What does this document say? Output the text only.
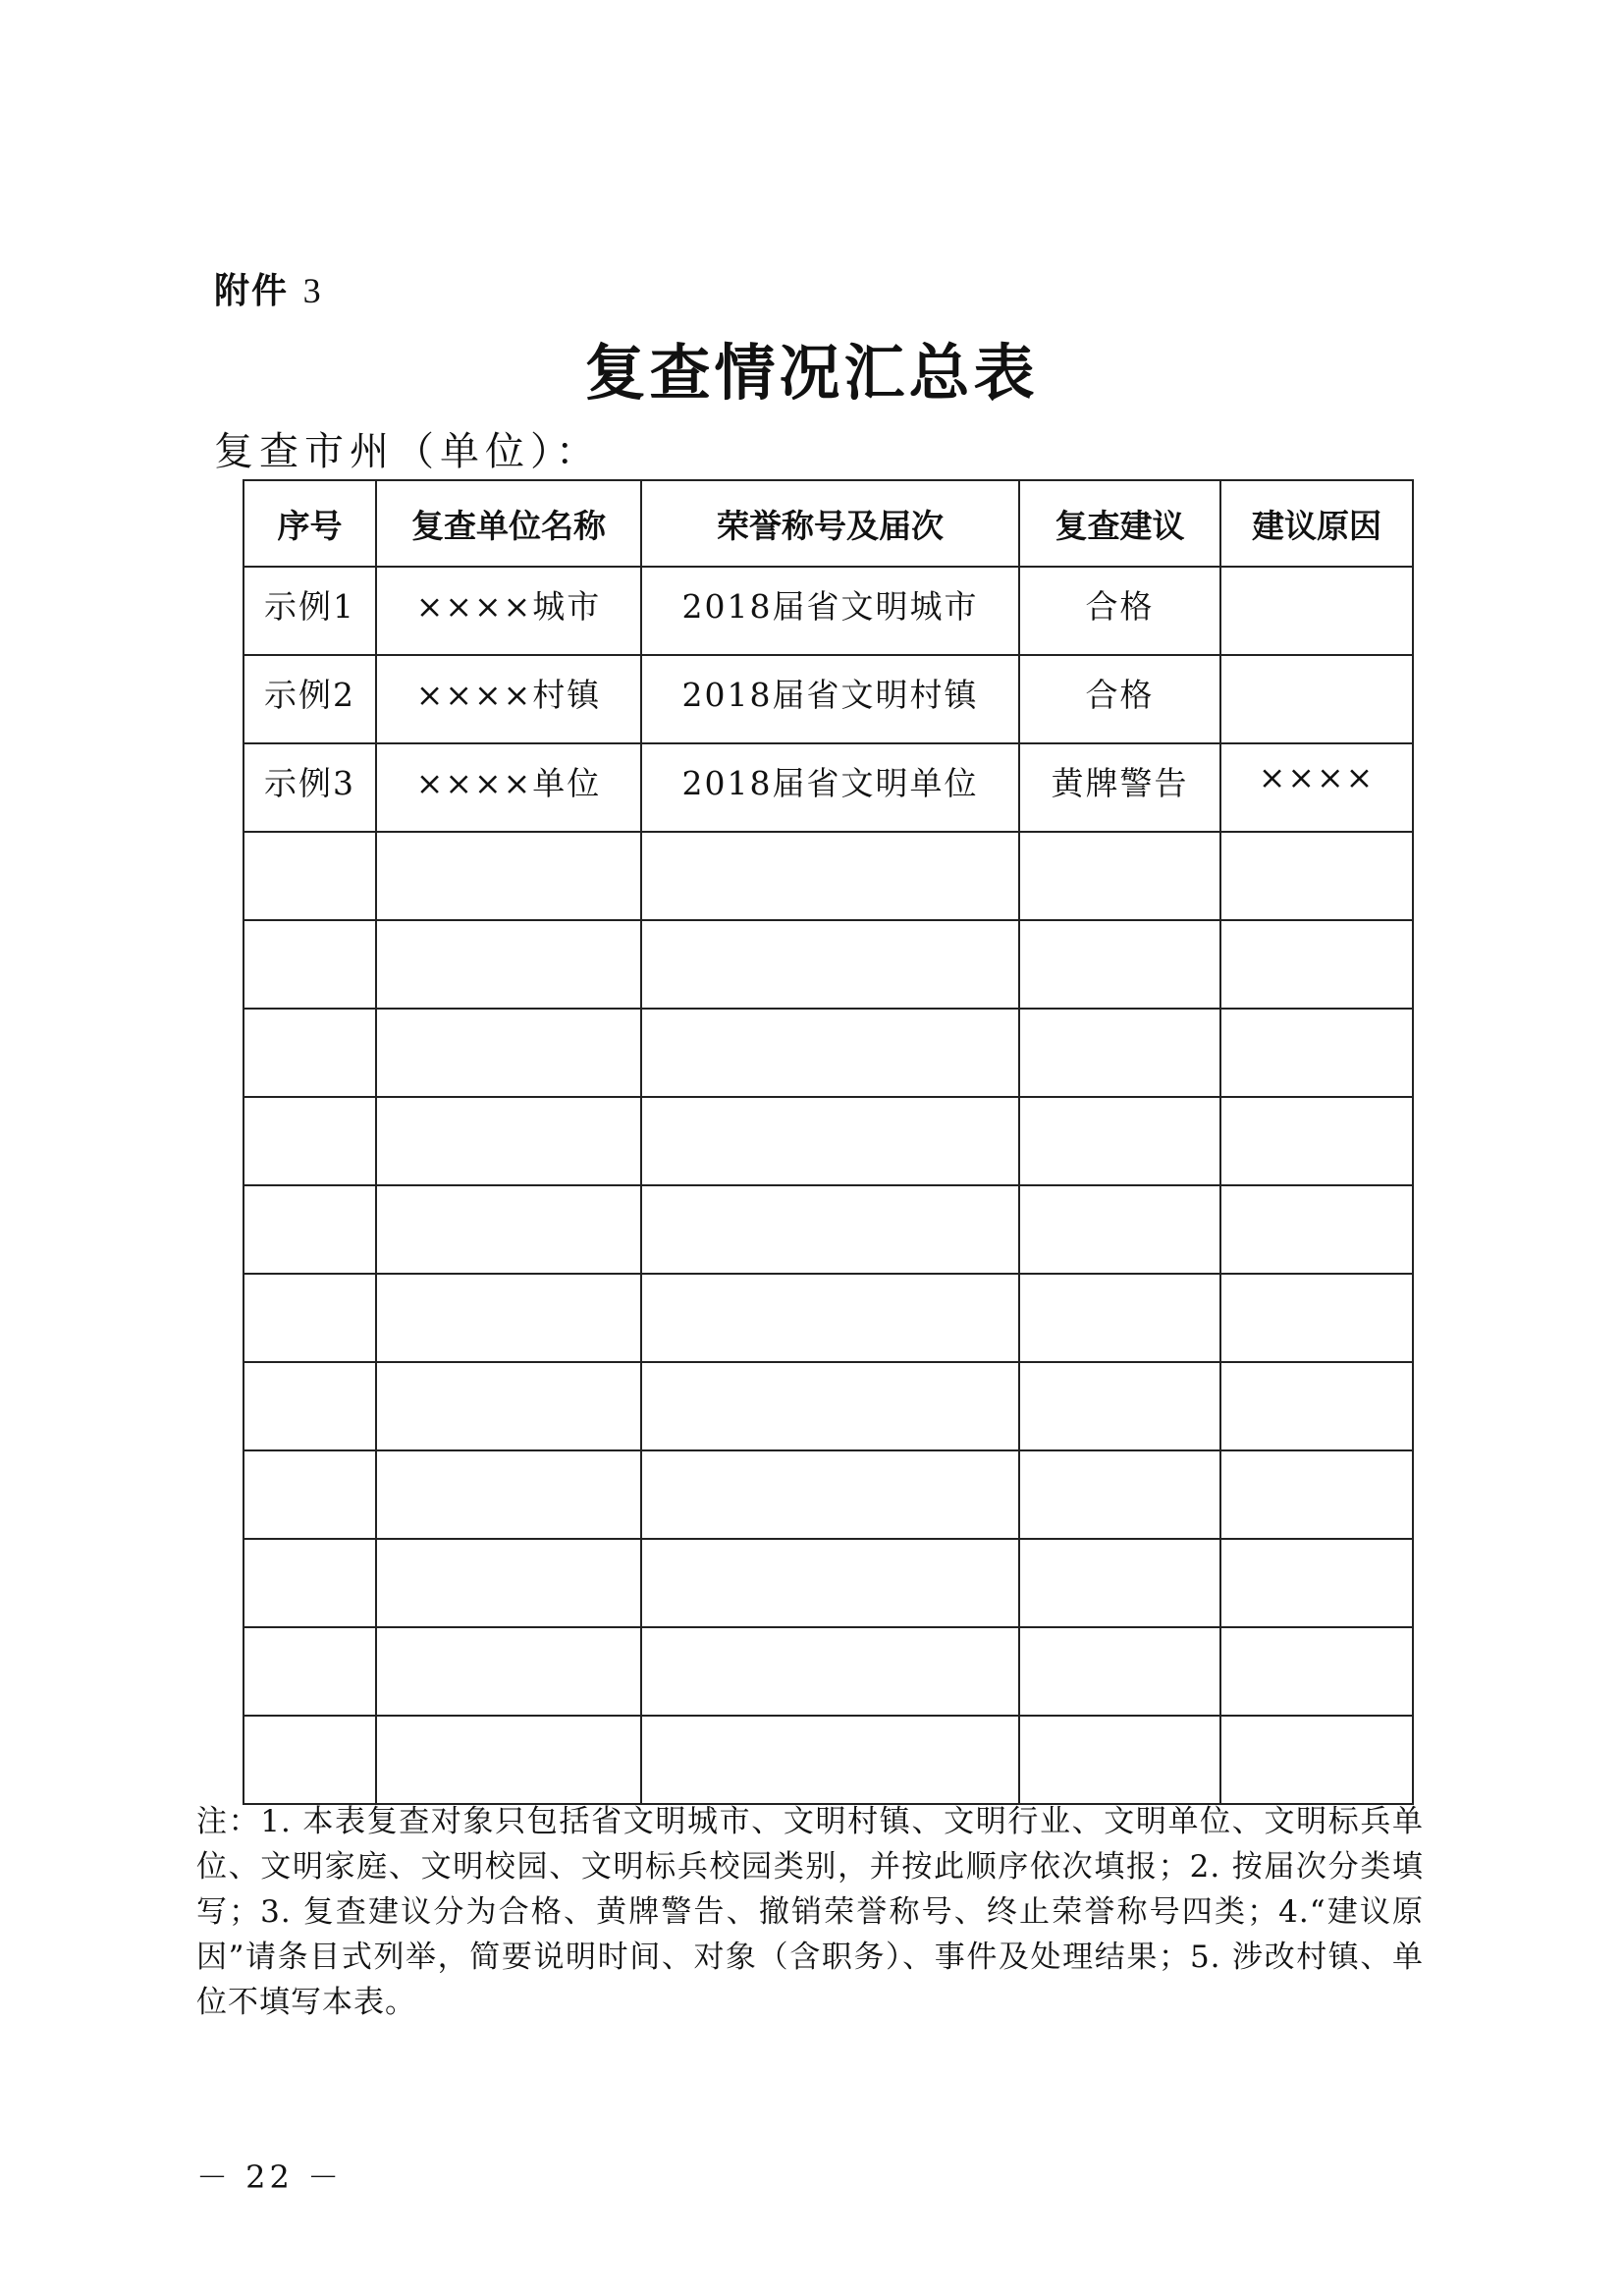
附件 3
复查情况汇总表
复查市州（单位）：
序号	复查单位名称	荣誉称号及届次	复查建议	建议原因
示例1	××××城市	2018届省文明城市	合格	
示例2	××××村镇	2018届省文明村镇	合格	
示例3	××××单位	2018届省文明单位	黄牌警告	××××

注：1. 本表复查对象只包括省文明城市、文明村镇、文明行业、文明单位、文明标兵单位、文明家庭、文明校园、文明标兵校园类别，并按此顺序依次填报；2. 按届次分类填写；3. 复查建议分为合格、黄牌警告、撤销荣誉称号、终止荣誉称号四类；4.“建议原因”请条目式列举，简要说明时间、对象（含职务）、事件及处理结果；5. 涉改村镇、单位不填写本表。
－ 22 －
